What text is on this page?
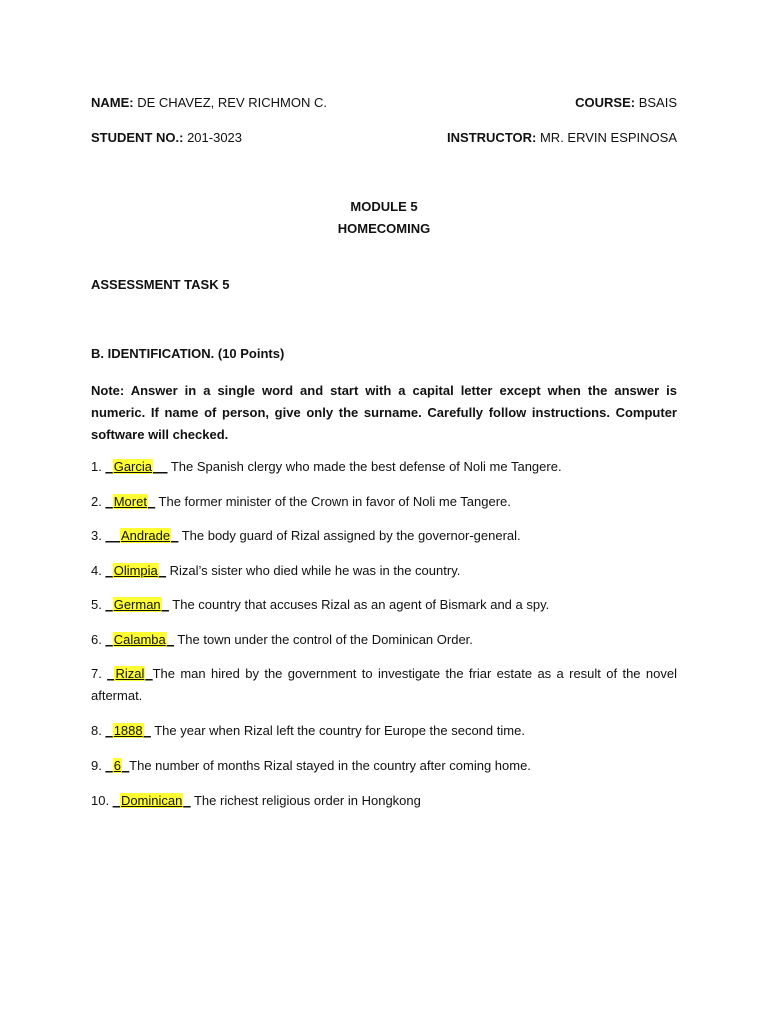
NAME: DE CHAVEZ, REV RICHMON C.	COURSE: BSAIS
STUDENT NO.: 201-3023	INSTRUCTOR: MR. ERVIN ESPINOSA
MODULE 5
HOMECOMING
ASSESSMENT TASK 5
B. IDENTIFICATION. (10 Points)
Note: Answer in a single word and start with a capital letter except when the answer is numeric. If name of person, give only the surname. Carefully follow instructions. Computer software will checked.
1. _Garcia__ The Spanish clergy who made the best defense of Noli me Tangere.
2. _Moret_ The former minister of the Crown in favor of Noli me Tangere.
3. __Andrade_ The body guard of Rizal assigned by the governor-general.
4. _Olimpia_ Rizal’s sister who died while he was in the country.
5. _German_ The country that accuses Rizal as an agent of Bismark and a spy.
6. _Calamba_ The town under the control of the Dominican Order.
7. _Rizal_The man hired by the government to investigate the friar estate as a result of the novel aftermat.
8. _1888_ The year when Rizal left the country for Europe the second time.
9. _6_The number of months Rizal stayed in the country after coming home.
10. _Dominican_ The richest religious order in Hongkong
